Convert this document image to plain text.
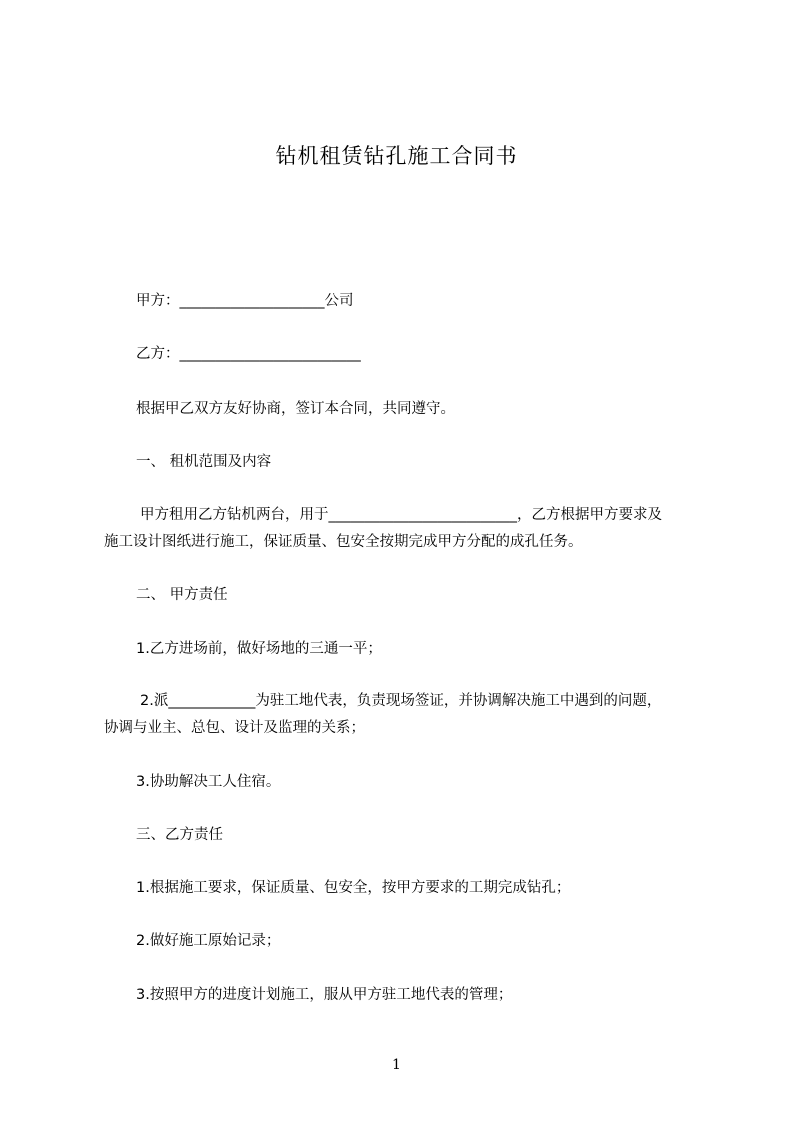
钻机租赁钻孔施工合同书
甲方：____________________公司
乙方：_________________________
根据甲乙双方友好协商，签订本合同，共同遵守。
一、 租机范围及内容
甲方租用乙方钻机两台，用于__________________________，乙方根据甲方要求及
施工设计图纸进行施工，保证质量、包安全按期完成甲方分配的成孔任务。
二、 甲方责任
1.乙方进场前，做好场地的三通一平；
2.派____________为驻工地代表，负责现场签证，并协调解决施工中遇到的问题，
协调与业主、总包、设计及监理的关系；
3.协助解决工人住宿。
三、乙方责任
1.根据施工要求，保证质量、包安全，按甲方要求的工期完成钻孔；
2.做好施工原始记录；
3.按照甲方的进度计划施工，服从甲方驻工地代表的管理；
1
